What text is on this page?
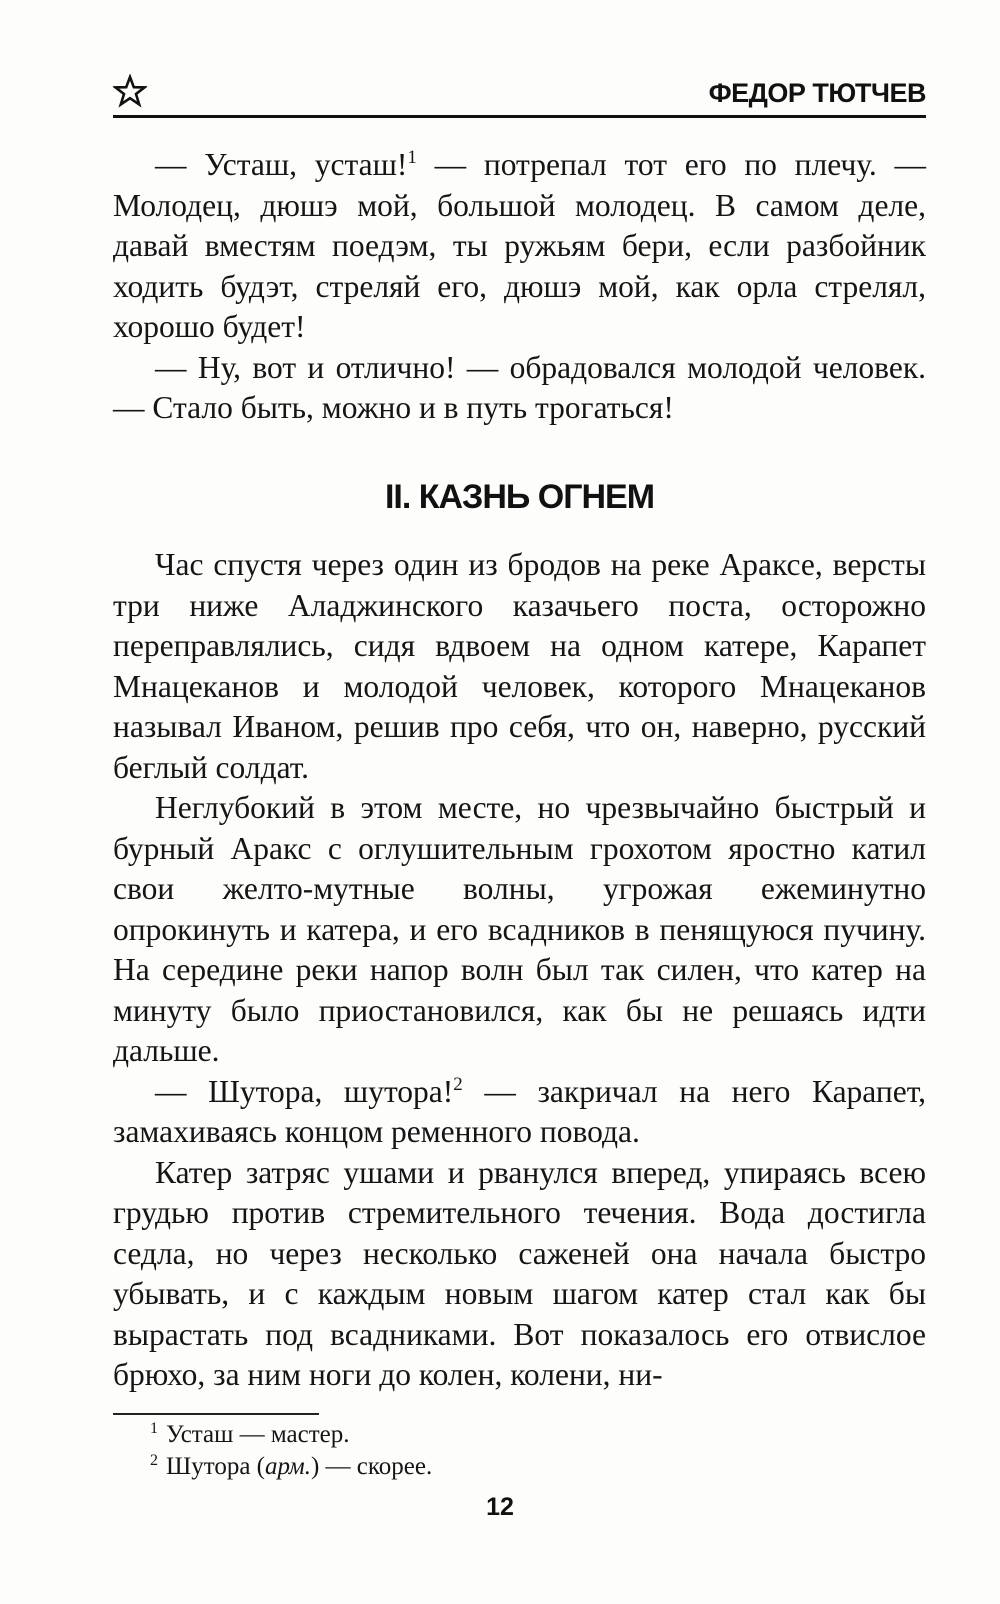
ФЕДОР ТЮТЧЕВ

— Усташ, усташ!$^1$ — потрепал тот его по плечу. — Молодец, дюшэ мой, большой молодец. В самом деле, давай вместям поедэм, ты ружьям бери, если разбойник ходить будэт, стреляй его, дюшэ мой, как орла стрелял, хорошо будет!

— Ну, вот и отлично! — обрадовался молодой человек. — Стало быть, можно и в путь трогаться!

II. КАЗНЬ ОГНЕМ

Час спустя через один из бродов на реке Араксе, версты три ниже Аладжинского казачьего поста, осторожно переправлялись, сидя вдвоем на одном катере, Карапет Мнацеканов и молодой человек, которого Мнацеканов называл Иваном, решив про себя, что он, наверно, русский беглый солдат.

Неглубокий в этом месте, но чрезвычайно быстрый и бурный Аракс с оглушительным грохотом яростно катил свои желто-мутные волны, угрожая ежеминутно опрокинуть и катера, и его всадников в пенящуюся пучину. На середине реки напор волн был так силен, что катер на минуту было приостановился, как бы не решаясь идти дальше.

— Шутора, шутора!$^2$ — закричал на него Карапет, замахиваясь концом ременного повода.

Катер затряс ушами и рванулся вперед, упираясь всею грудью против стремительного течения. Вода достигла седла, но через несколько саженей она начала быстро убывать, и с каждым новым шагом катер стал как бы вырастать под всадниками. Вот показалось его отвислое брюхо, за ним ноги до колен, колени, ни-

$^1$ Усташ — мастер.
$^2$ Шутора (арм.) — скорее.
12
